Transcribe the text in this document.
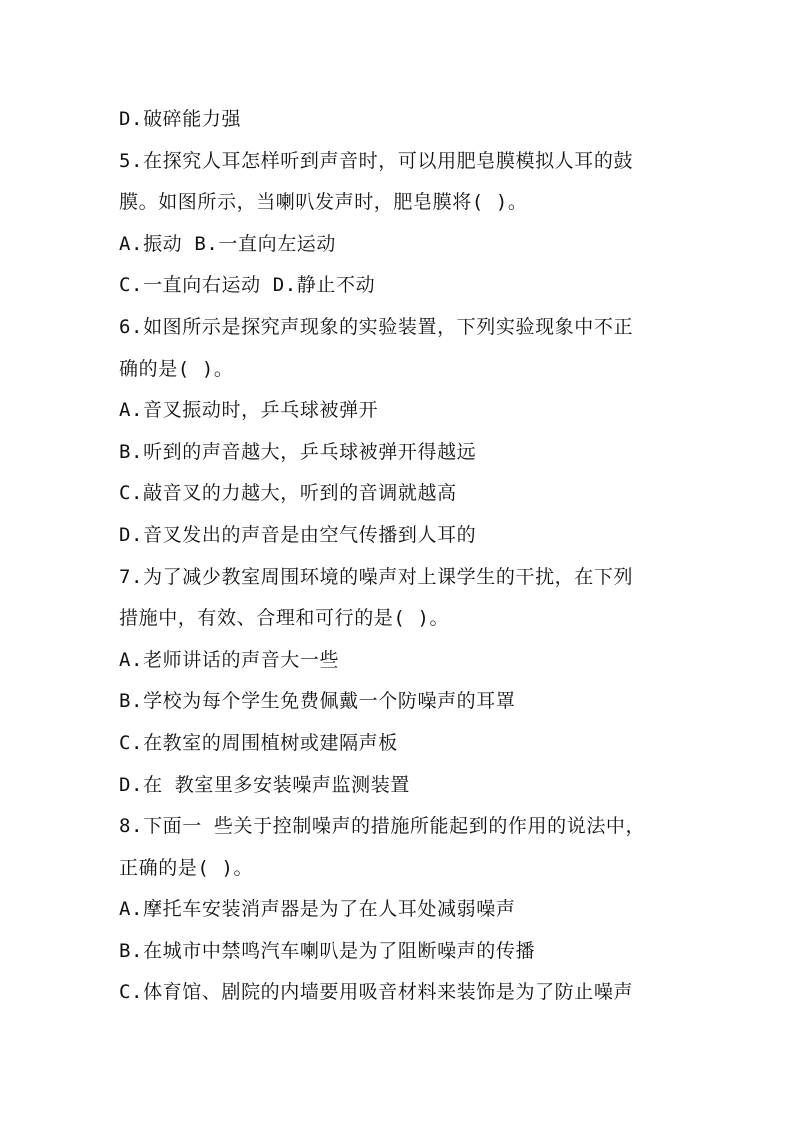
D.破碎能力强
5.在探究人耳怎样听到声音时，可以用肥皂膜模拟人耳的鼓
膜。如图所示，当喇叭发声时，肥皂膜将( )。
A.振动 B.一直向左运动
C.一直向右运动 D.静止不动
6.如图所示是探究声现象的实验装置，下列实验现象中不正
确的是( )。
A.音叉振动时，乒乓球被弹开
B.听到的声音越大，乒乓球被弹开得越远
C.敲音叉的力越大，听到的音调就越高
D.音叉发出的声音是由空气传播到人耳的
7.为了减少教室周围环境的噪声对上课学生的干扰，在下列
措施中，有效、合理和可行的是( )。
A.老师讲话的声音大一些
B.学校为每个学生免费佩戴一个防噪声的耳罩
C.在教室的周围植树或建隔声板
D.在 教室里多安装噪声监测装置
8.下面一 些关于控制噪声的措施所能起到的作用的说法中，
正确的是( )。
A.摩托车安装消声器是为了在人耳处减弱噪声
B.在城市中禁鸣汽车喇叭是为了阻断噪声的传播
C.体育馆、剧院的内墙要用吸音材料来装饰是为了防止噪声
